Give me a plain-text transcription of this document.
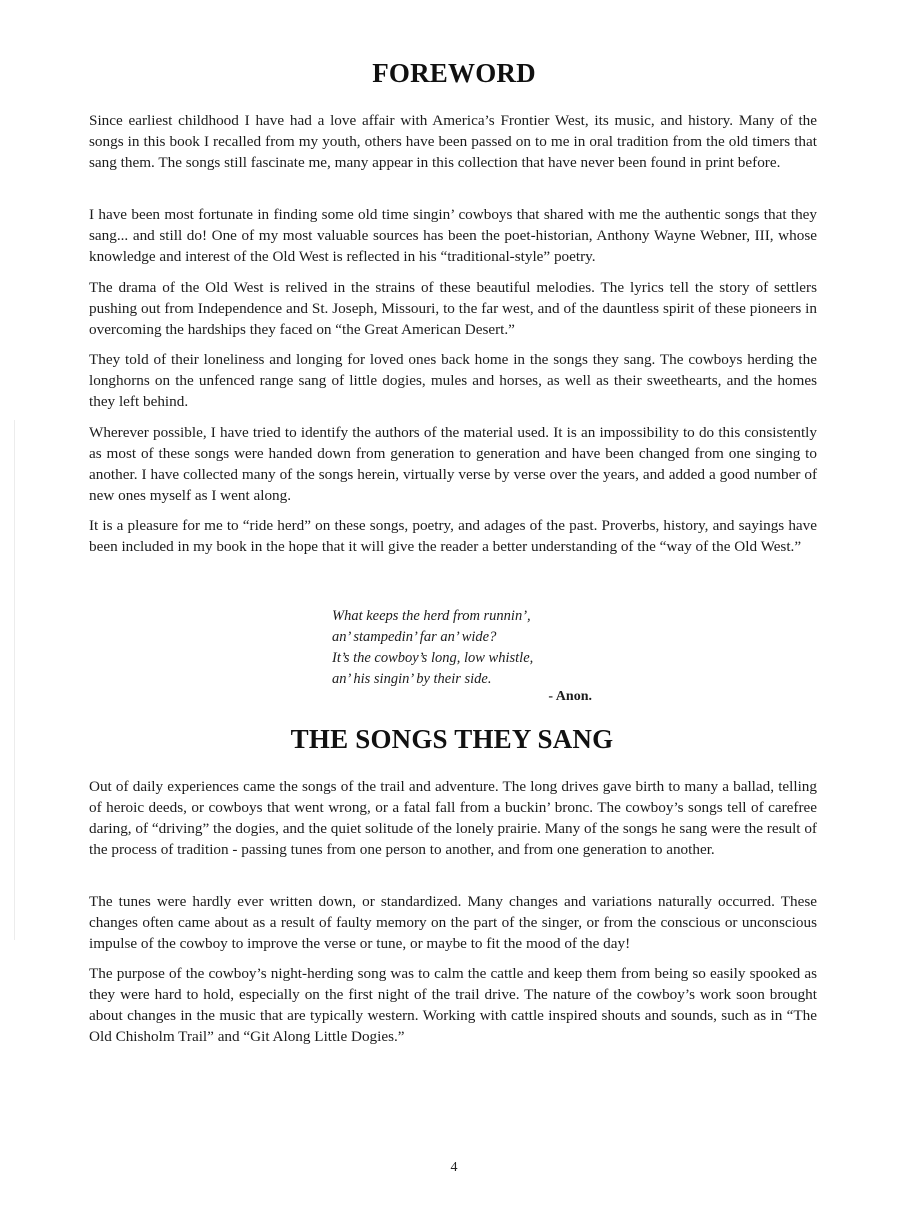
FOREWORD

Since earliest childhood I have had a love affair with America’s Frontier West, its music, and history. Many of the songs in this book I recalled from my youth, others have been passed on to me in oral tradition from the old timers that sang them. The songs still fascinate me, many appear in this collection that have never been found in print before.

I have been most fortunate in finding some old time singin’ cowboys that shared with me the authentic songs that they sang... and still do! One of my most valuable sources has been the poet-historian, Anthony Wayne Webner, III, whose knowledge and interest of the Old West is reflected in his “traditional-style” poetry.

The drama of the Old West is relived in the strains of these beautiful melodies. The lyrics tell the story of settlers pushing out from Independence and St. Joseph, Missouri, to the far west, and of the dauntless spirit of these pioneers in overcoming the hardships they faced on “the Great American Desert.”

They told of their loneliness and longing for loved ones back home in the songs they sang. The cowboys herding the longhorns on the unfenced range sang of little dogies, mules and horses, as well as their sweethearts, and the homes they left behind.

Wherever possible, I have tried to identify the authors of the material used. It is an impossibility to do this consistently as most of these songs were handed down from generation to generation and have been changed from one singing to another. I have collected many of the songs herein, virtually verse by verse over the years, and added a good number of new ones myself as I went along.

It is a pleasure for me to “ride herd” on these songs, poetry, and adages of the past. Proverbs, history, and sayings have been included in my book in the hope that it will give the reader a better understanding of the “way of the Old West.”

What keeps the herd from runnin’,
an’ stampedin’ far an’ wide?
It’s the cowboy’s long, low whistle,
an’ his singin’ by their side.
- Anon.
THE SONGS THEY SANG

Out of daily experiences came the songs of the trail and adventure. The long drives gave birth to many a ballad, telling of heroic deeds, or cowboys that went wrong, or a fatal fall from a buckin’ bronc. The cowboy’s songs tell of carefree daring, of “driving” the dogies, and the quiet solitude of the lonely prairie. Many of the songs he sang were the result of the process of tradition - passing tunes from one person to another, and from one generation to another.

The tunes were hardly ever written down, or standardized. Many changes and variations naturally occurred. These changes often came about as a result of faulty memory on the part of the singer, or from the conscious or unconscious impulse of the cowboy to improve the verse or tune, or maybe to fit the mood of the day!

The purpose of the cowboy’s night-herding song was to calm the cattle and keep them from being so easily spooked as they were hard to hold, especially on the first night of the trail drive. The nature of the cowboy’s work soon brought about changes in the music that are typically western. Working with cattle inspired shouts and sounds, such as in “The Old Chisholm Trail” and “Git Along Little Dogies.”

4
